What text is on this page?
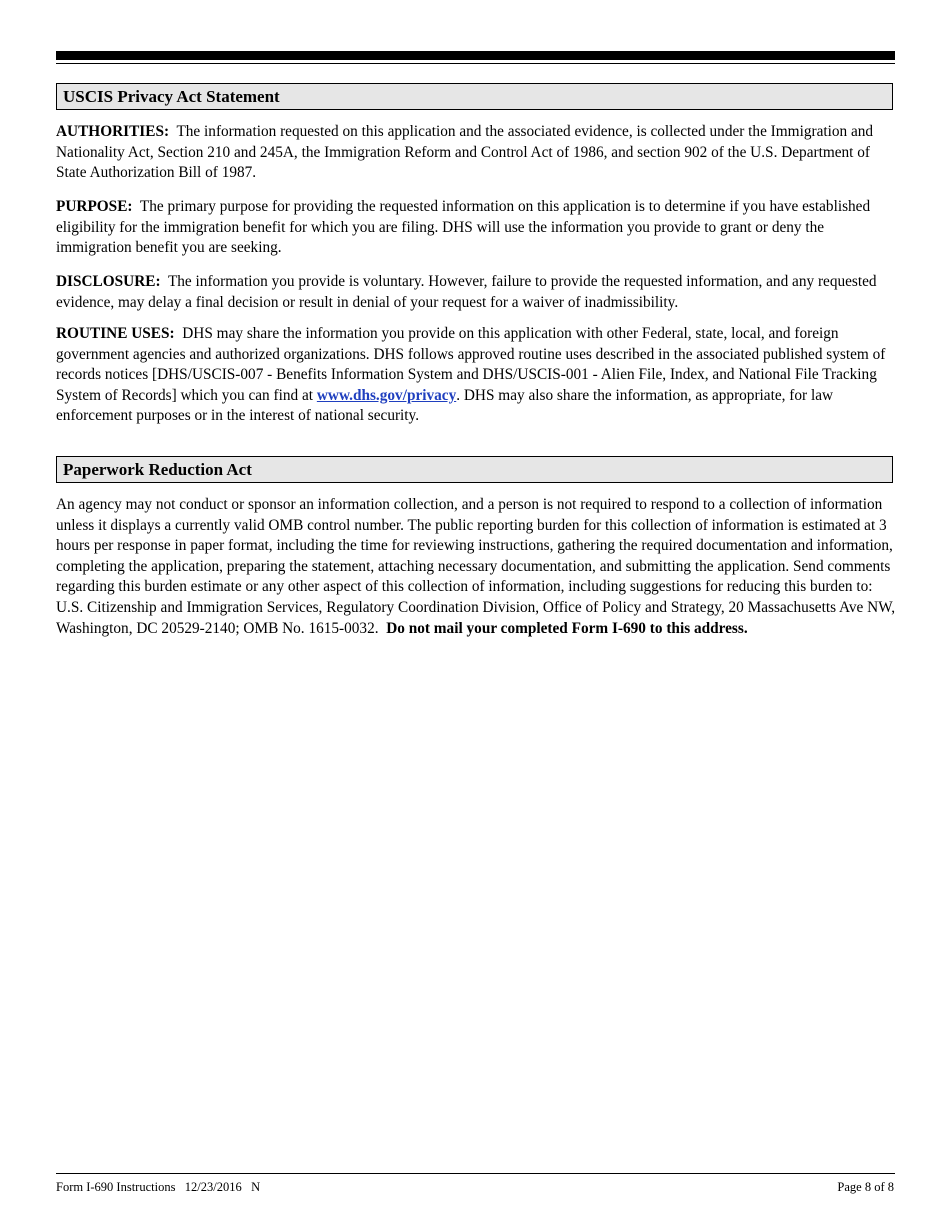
USCIS Privacy Act Statement

AUTHORITIES: The information requested on this application and the associated evidence, is collected under the Immigration and Nationality Act, Section 210 and 245A, the Immigration Reform and Control Act of 1986, and section 902 of the U.S. Department of State Authorization Bill of 1987.

PURPOSE: The primary purpose for providing the requested information on this application is to determine if you have established eligibility for the immigration benefit for which you are filing. DHS will use the information you provide to grant or deny the immigration benefit you are seeking.

DISCLOSURE: The information you provide is voluntary. However, failure to provide the requested information, and any requested evidence, may delay a final decision or result in denial of your request for a waiver of inadmissibility.

ROUTINE USES: DHS may share the information you provide on this application with other Federal, state, local, and foreign government agencies and authorized organizations. DHS follows approved routine uses described in the associated published system of records notices [DHS/USCIS-007 - Benefits Information System and DHS/USCIS-001 - Alien File, Index, and National File Tracking System of Records] which you can find at www.dhs.gov/privacy. DHS may also share the information, as appropriate, for law enforcement purposes or in the interest of national security.

Paperwork Reduction Act

An agency may not conduct or sponsor an information collection, and a person is not required to respond to a collection of information unless it displays a currently valid OMB control number. The public reporting burden for this collection of information is estimated at 3 hours per response in paper format, including the time for reviewing instructions, gathering the required documentation and information, completing the application, preparing the statement, attaching necessary documentation, and submitting the application. Send comments regarding this burden estimate or any other aspect of this collection of information, including suggestions for reducing this burden to: U.S. Citizenship and Immigration Services, Regulatory Coordination Division, Office of Policy and Strategy, 20 Massachusetts Ave NW, Washington, DC 20529-2140; OMB No. 1615-0032. Do not mail your completed Form I-690 to this address.

Form I-690 Instructions   12/23/2016   N	Page 8 of 8
